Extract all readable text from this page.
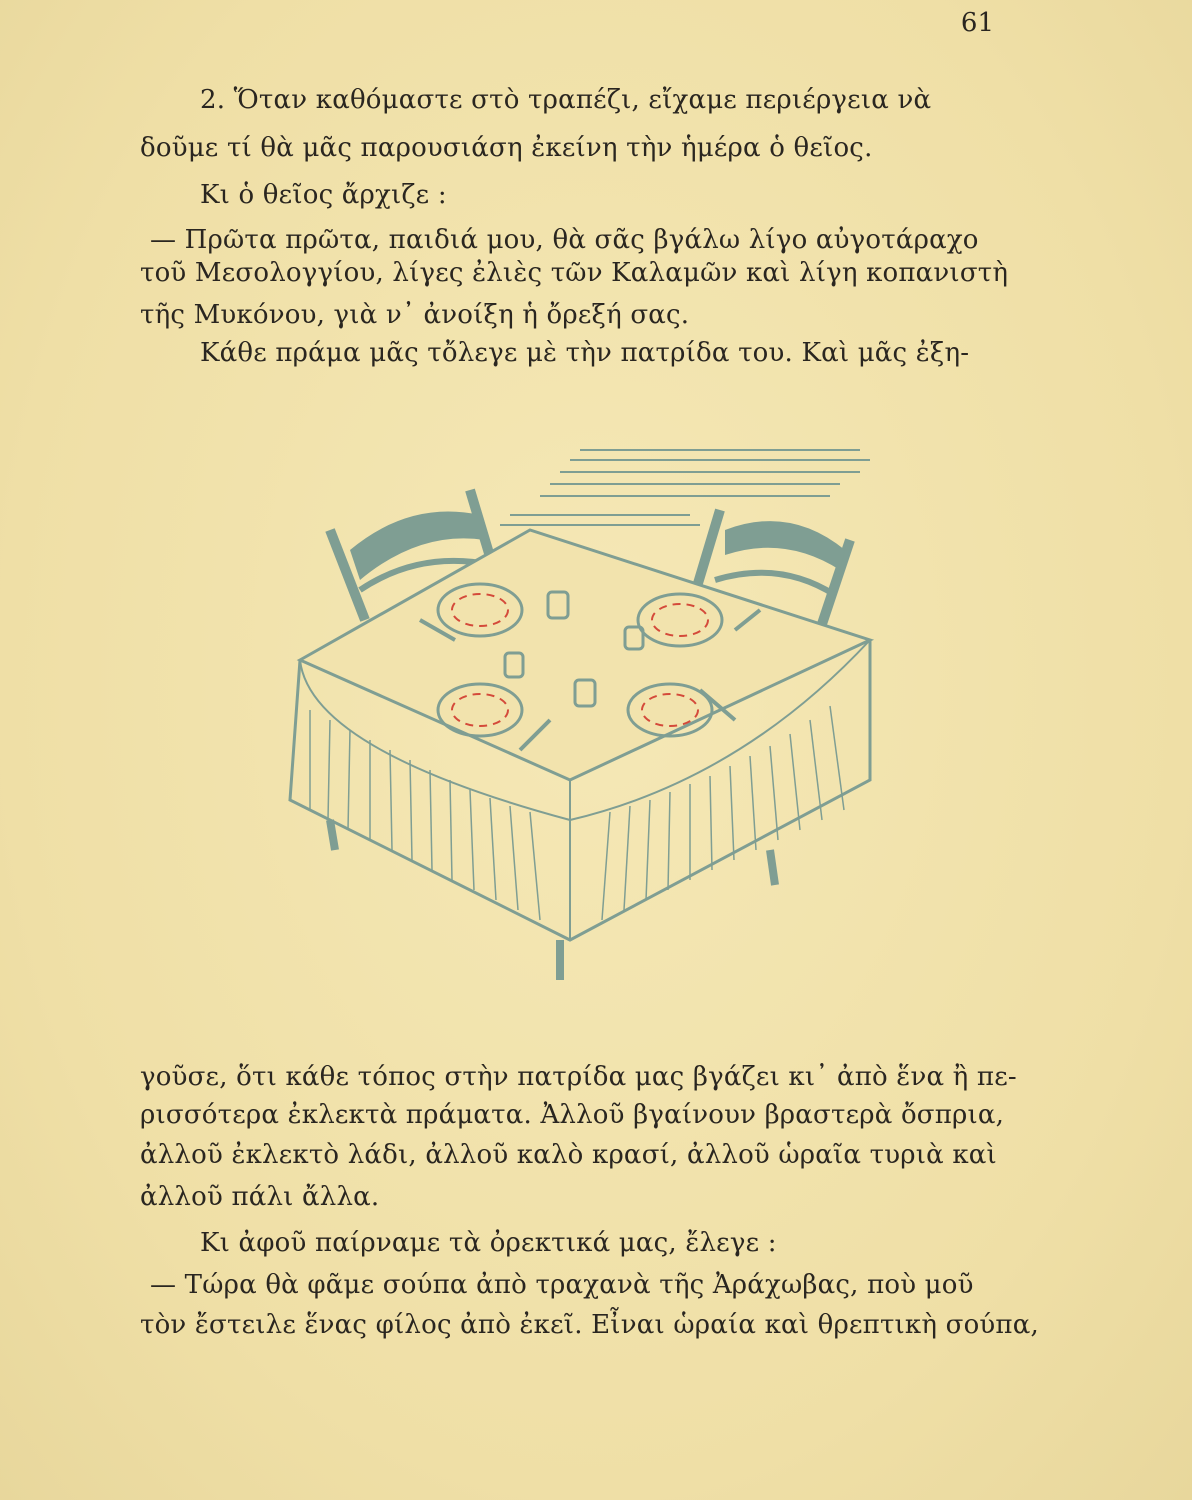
61
2. Ὅταν καθόμαστε στὸ τραπέζι, εἴχαμε περιέργεια νὰ
δοῦμε τί θὰ μᾶς παρουσιάση ἐκείνη τὴν ἡμέρα ὁ θεῖος.
Κι ὁ θεῖος ἄρχιζε :
— Πρῶτα πρῶτα, παιδιά μου, θὰ σᾶς βγάλω λίγο αὐγοτάραχο
τοῦ Μεσολογγίου, λίγες ἐλιὲς τῶν Καλαμῶν καὶ λίγη κοπανιστὴ
τῆς Μυκόνου, γιὰ ν᾽ ἀνοίξη ἡ ὄρεξή σας.
Κάθε πράμα μᾶς τὄλεγε μὲ τὴν πατρίδα του. Καὶ μᾶς ἐξη-
γοῦσε, ὅτι κάθε τόπος στὴν πατρίδα μας βγάζει κι᾽ ἀπὸ ἕνα ἢ πε-
ρισσότερα ἐκλεκτὰ πράματα. Ἀλλοῦ βγαίνουν βραστερὰ ὄσπρια,
ἀλλοῦ ἐκλεκτὸ λάδι, ἀλλοῦ καλὸ κρασί, ἀλλοῦ ὡραῖα τυριὰ καὶ
ἀλλοῦ πάλι ἄλλα.
Κι ἀφοῦ παίρναμε τὰ ὀρεκτικά μας, ἔλεγε :
— Τώρα θὰ φᾶμε σούπα ἀπὸ τραχανὰ τῆς Ἀράχωβας, ποὺ μοῦ
τὸν ἔστειλε ἕνας φίλος ἀπὸ ἐκεῖ. Εἶναι ὡραία καὶ θρεπτικὴ σούπα,
